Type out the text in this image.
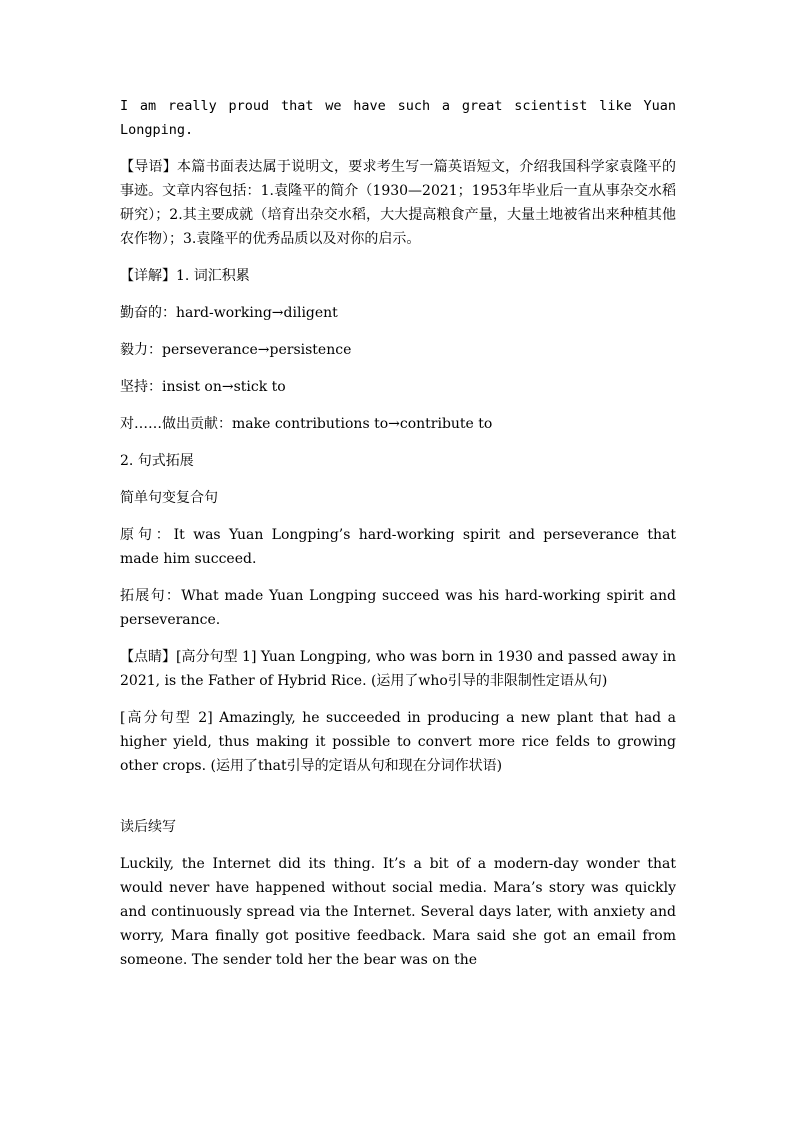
I am really proud that we have such a great scientist like Yuan Longping.

【导语】本篇书面表达属于说明文，要求考生写一篇英语短文，介绍我国科学家袁隆平的事迹。文章内容包括：1.袁隆平的简介（1930—2021；1953年毕业后一直从事杂交水稻研究）；2.其主要成就（培育出杂交水稻，大大提高粮食产量，大量土地被省出来种植其他农作物）；3.袁隆平的优秀品质以及对你的启示。

【详解】1. 词汇积累

勤奋的：hard-working→diligent

毅力：perseverance→persistence

坚持：insist on→stick to

对……做出贡献：make contributions to→contribute to

2. 句式拓展

简单句变复合句

原句：It was Yuan Longping’s hard-working spirit and perseverance that made him succeed.

拓展句：What made Yuan Longping succeed was his hard-working spirit and perseverance.

【点睛】[高分句型 1] Yuan Longping, who was born in 1930 and passed away in 2021, is the Father of Hybrid Rice. (运用了who引导的非限制性定语从句)

[高分句型 2] Amazingly, he succeeded in producing a new plant that had a higher yield, thus making it possible to convert more rice felds to growing other crops. (运用了that引导的定语从句和现在分词作状语)

读后续写

Luckily, the Internet did its thing. It’s a bit of a modern-day wonder that would never have happened without social media. Mara’s story was quickly and continuously spread via the Internet. Several days later, with anxiety and worry, Mara finally got positive feedback. Mara said she got an email from someone. The sender told her the bear was on the
